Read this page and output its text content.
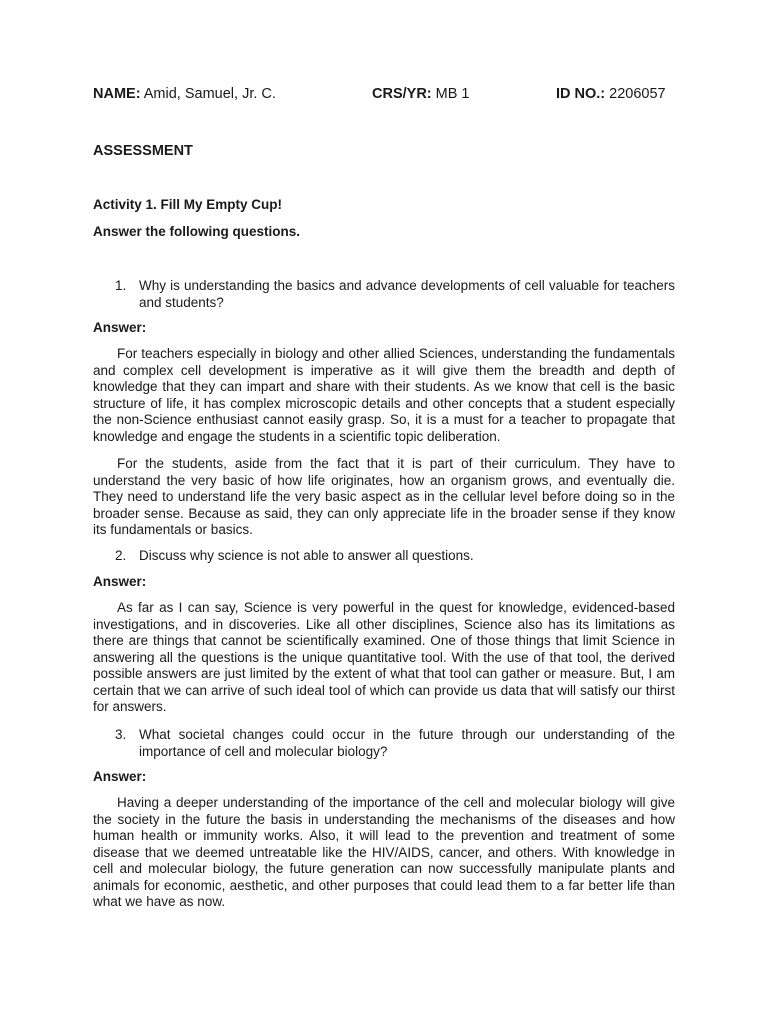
NAME: Amid, Samuel, Jr. C.	CRS/YR: MB 1	ID NO.: 2206057
ASSESSMENT
Activity 1. Fill My Empty Cup!
Answer the following questions.
1. Why is understanding the basics and advance developments of cell valuable for teachers and students?
Answer:
For teachers especially in biology and other allied Sciences, understanding the fundamentals and complex cell development is imperative as it will give them the breadth and depth of knowledge that they can impart and share with their students. As we know that cell is the basic structure of life, it has complex microscopic details and other concepts that a student especially the non-Science enthusiast cannot easily grasp. So, it is a must for a teacher to propagate that knowledge and engage the students in a scientific topic deliberation.
For the students, aside from the fact that it is part of their curriculum. They have to understand the very basic of how life originates, how an organism grows, and eventually die. They need to understand life the very basic aspect as in the cellular level before doing so in the broader sense. Because as said, they can only appreciate life in the broader sense if they know its fundamentals or basics.
2. Discuss why science is not able to answer all questions.
Answer:
As far as I can say, Science is very powerful in the quest for knowledge, evidenced-based investigations, and in discoveries. Like all other disciplines, Science also has its limitations as there are things that cannot be scientifically examined. One of those things that limit Science in answering all the questions is the unique quantitative tool. With the use of that tool, the derived possible answers are just limited by the extent of what that tool can gather or measure. But, I am certain that we can arrive of such ideal tool of which can provide us data that will satisfy our thirst for answers.
3. What societal changes could occur in the future through our understanding of the importance of cell and molecular biology?
Answer:
Having a deeper understanding of the importance of the cell and molecular biology will give the society in the future the basis in understanding the mechanisms of the diseases and how human health or immunity works. Also, it will lead to the prevention and treatment of some disease that we deemed untreatable like the HIV/AIDS, cancer, and others. With knowledge in cell and molecular biology, the future generation can now successfully manipulate plants and animals for economic, aesthetic, and other purposes that could lead them to a far better life than what we have as now.
